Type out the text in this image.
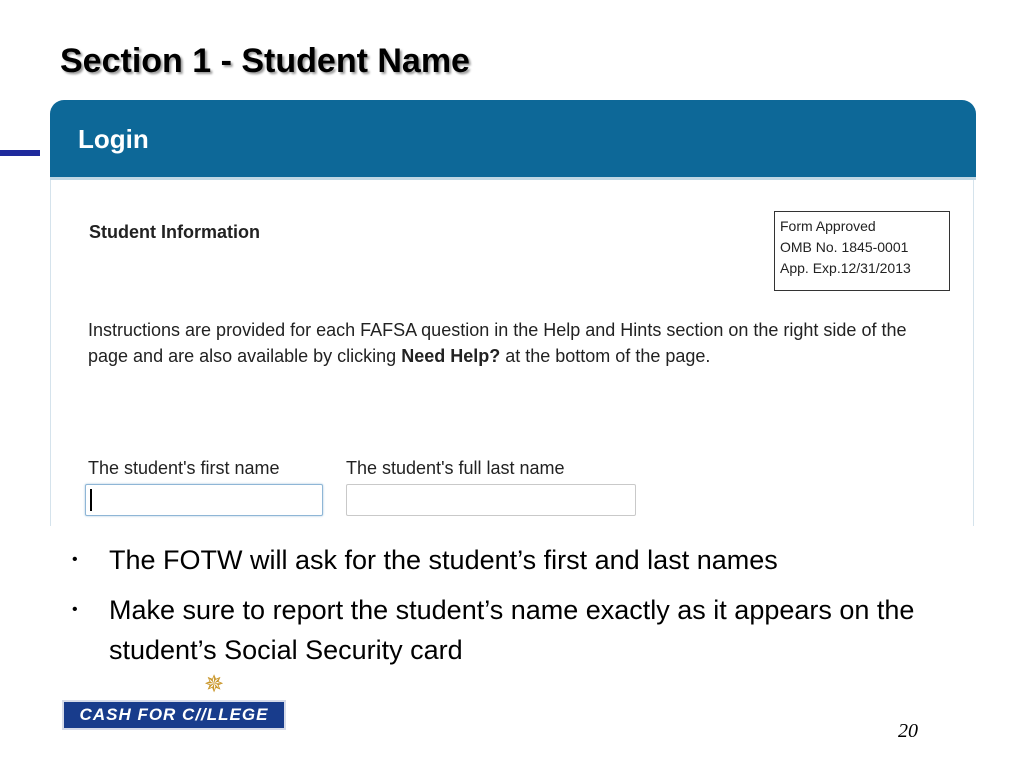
Section 1 - Student Name
Login
Student Information	Form Approved
OMB No. 1845-0001
App. Exp.12/31/2013
Instructions are provided for each FAFSA question in the Help and Hints section on the right side of the page and are also available by clicking Need Help? at the bottom of the page.
The student's first name	The student's full last name
• The FOTW will ask for the student’s first and last names
• Make sure to report the student’s name exactly as it appears on the student’s Social Security card
✵
CASH FOR C//LLEGE
20
